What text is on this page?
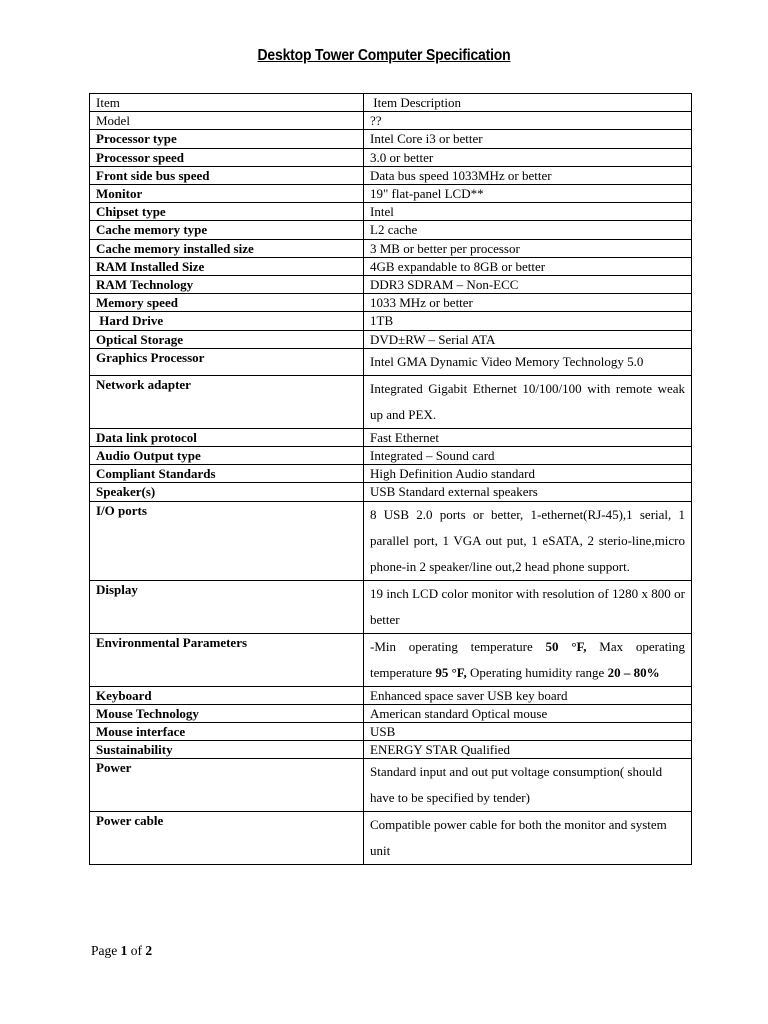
Desktop Tower Computer Specification
Item	Item Description
Model	??
Processor type	Intel Core i3 or better
Processor speed	3.0 or better
Front side bus speed	Data bus speed 1033MHz or better
Monitor	19" flat-panel LCD**
Chipset type	Intel
Cache memory type	L2 cache
Cache memory installed size	3 MB or better per processor
RAM Installed Size	4GB expandable to 8GB or better
RAM Technology	DDR3 SDRAM – Non-ECC
Memory speed	1033 MHz or better
Hard Drive	1TB
Optical Storage	DVD±RW – Serial ATA
Graphics Processor	Intel GMA Dynamic Video Memory Technology 5.0
Network adapter	Integrated Gigabit Ethernet 10/100/100 with remote weak up and PEX.
Data link protocol	Fast Ethernet
Audio Output type	Integrated – Sound card
Compliant Standards	High Definition Audio standard
Speaker(s)	USB Standard external speakers
I/O ports	8 USB 2.0 ports or better, 1-ethernet(RJ-45),1 serial, 1 parallel port, 1 VGA out put, 1 eSATA, 2 sterio-line,micro phone-in 2 speaker/line out,2 head phone support.
Display	19 inch LCD color monitor with resolution of 1280 x 800 or better
Environmental Parameters	-Min operating temperature 50 °F, Max operating temperature 95 °F, Operating humidity range 20 – 80%
Keyboard	Enhanced space saver USB key board
Mouse Technology	American standard Optical mouse
Mouse interface	USB
Sustainability	ENERGY STAR Qualified
Power	Standard input and out put voltage consumption( should have to be specified by tender)
Power cable	Compatible power cable for both the monitor and system unit
Page 1 of 2
